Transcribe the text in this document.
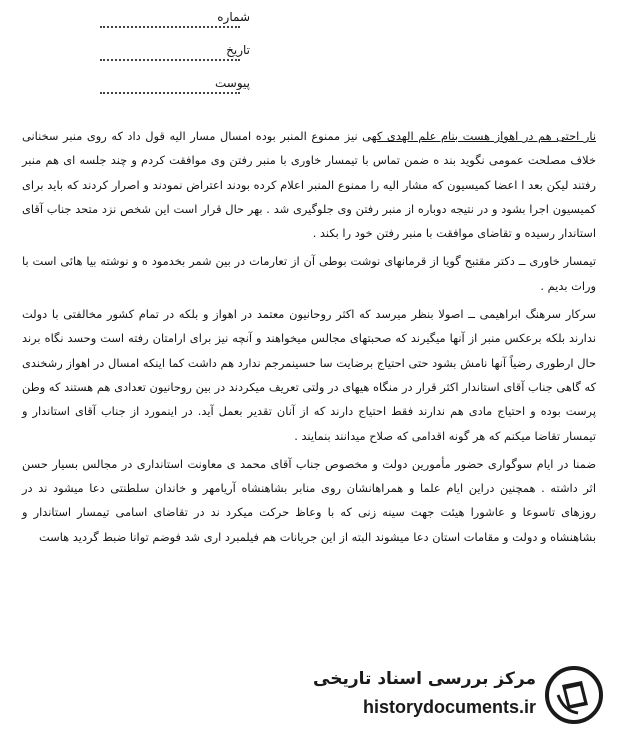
شماره
تاریخ
پیوست

نار احتی هم در اهواز هست بنام علم الهدی کهی نیز ممنوع المنبر بوده امسال مسار الیه قول داد که روی منبر سخنانی خلاف مصلحت عمومی نگوید بند ه ضمن تماس با تیمسار خاوری با منبر رفتن وی موافقت کردم و چند جلسه ای هم منبر رفتند لیکن بعد ا اعضا کمیسیون که مشار الیه را ممنوع المنبر اعلام کرده بودند اعتراض نمودند و اصرار کردند که باید برای کمیسیون اجرا بشود و در نتیجه دوباره از منبر رفتن وی جلوگیری شد . بهر حال قرار است این شخص نزد متحد جناب آقای استاندار رسیده و تقاضای موافقت با منبر رفتن خود را بکند .

تیمسار خاوری ــ دکتر مقتبح گویا از قرمانهای نوشت بوطی آن از تعارمات در بین شمر بخدمود ه و نوشته بیا هائی است با ورات بدیم .

سرکار سرهنگ ابراهیمی ــ اصولا بنظر میرسد که اکثر روحانیون معتمد در اهواز و بلکه در تمام کشور مخالفتی با دولت ندارند بلکه برعکس منبر از آنها میگیرند که صحبتهای مجالس میخواهند و آنچه نیز برای ارامتان رفته است وحسد نگاه برند حال ارطوری رضیاً آنها نامش بشود حتی احتیاج برضایت سا حسینمرجم ندارد هم داشت کما اینکه امسال در اهواز رشخندی که گاهی جناب آقای استاندار اکثر قرار در منگاه هیهای در ولتی تعریف میکردند در بین روحانیون تعدادی هم هستند که وطن پرست بوده و احتیاج مادی هم ندارند فقط احتیاج دارند که از آنان تقدیر بعمل آید. در اینمورد از جناب آقای استاندار و تیمسار تقاضا میکنم که هر گونه اقدامی که صلاح میدانند بنمایند .

ضمنا در ایام سوگواری حضور مأمورین دولت و مخصوص جناب آقای محمد ی معاونت استانداری در مجالس بسیار حسن اثر داشته . همچنین دراین ایام علما و همراهانشان روی منابر بشاهنشاه آریامهر و خاندان سلطنتی دعا میشود ند در روزهای تاسوعا و عاشورا هیئت جهت سینه زنی که با وعاظ حرکت میکرد ند در تقاضای اسامی تیمسار استاندار و بشاهنشاه و دولت و مقامات استان دعا میشوند البته از این جریانات هم فیلمبرد اری شد فوضم توانا ضبط گردید هاست

مرکز بررسی اسناد تاریخی
historydocuments.ir
